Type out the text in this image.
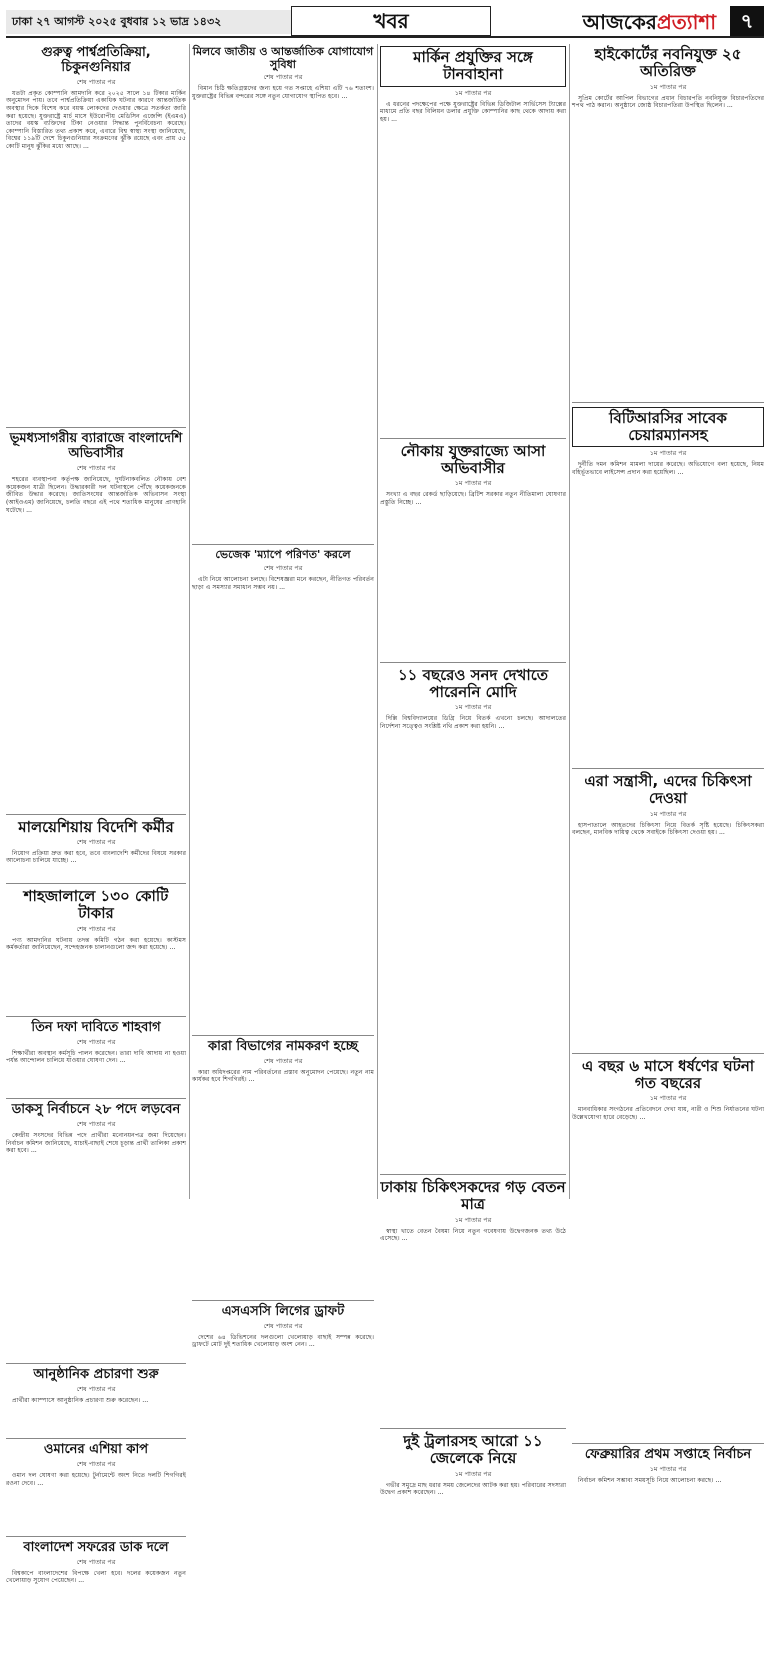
ঢাকা ২৭ আগস্ট ২০২৫ বুধবার ১২ ভাদ্র ১৪৩২	খবর	আজকেরপ্রত্যাশা	৭
গুরুত্ব পার্শ্বপ্রতিক্রিয়া, চিকুনগুনিয়ার
শেষ পাতার পর

যতটা প্রকৃত কোম্পানি আমদানি করে ২০২৫ সালে ১৪ টিকার মার্কিন অনুমোদন পায়। তবে পার্শ্বপ্রতিক্রিয়া একাধিক ঘটনার কারণে আন্তর্জাতিক অবস্থার দিকে বিশেষ করে বয়স্ক লোকদের দেওয়ার ক্ষেত্রে সতর্কতা জারি করা হয়েছে। যুক্তরাষ্ট্রে মার্চ মাসে ইউরোপীয় মেডিসিন এজেন্সি (ইএমএ) তাদের বয়স্ক ব্যক্তিদের টিকা নেওয়ার সিদ্ধান্ত পুনর্বিবেচনা করেছে। কোম্পানি বিস্তারিত তথ্য প্রকাশ করে, এবারে বিশ্ব স্বাস্থ্য সংস্থা জানিয়েছে, বিশ্বের ১১৯টি দেশে চিকুনগুনিয়ার সংক্রমণের ঝুঁকি রয়েছে এবং প্রায় ৫৫ কোটি মানুষ ঝুঁকির মধ্যে আছে। ...

ভূমধ্যসাগরীয় ব্যারাজে বাংলাদেশি অভিবাসীর
শেষ পাতার পর

শহরের ব্যবস্থাপনা কর্তৃপক্ষ জানিয়েছে, দুর্ঘটনাকবলিত নৌকায় বেশ কয়েকজন যাত্রী ছিলেন। উদ্ধারকারী দল ঘটনাস্থলে পৌঁছে কয়েকজনকে জীবিত উদ্ধার করেছে। জাতিসংঘের আন্তর্জাতিক অভিবাসন সংস্থা (আইওএম) জানিয়েছে, চলতি বছরে এই পথে শতাধিক মানুষের প্রাণহানি ঘটেছে। ...

মালয়েশিয়ায় বিদেশি কর্মীর
শেষ পাতার পর

নিয়োগ প্রক্রিয়া দ্রুত করা হবে, তবে বাংলাদেশি কর্মীদের বিষয়ে সরকার আলোচনা চালিয়ে যাচ্ছে। ...

শাহজালালে ১৩০ কোটি টাকার
শেষ পাতার পর

পণ্য আমদানির ঘটনায় তদন্ত কমিটি গঠন করা হয়েছে। কাস্টমস কর্মকর্তারা জানিয়েছেন, সন্দেহজনক চালানগুলো জব্দ করা হয়েছে। ...

তিন দফা দাবিতে শাহবাগ
শেষ পাতার পর

শিক্ষার্থীরা অবস্থান কর্মসূচি পালন করেছেন। তারা দাবি আদায় না হওয়া পর্যন্ত আন্দোলন চালিয়ে যাওয়ার ঘোষণা দেন। ...

ডাকসু নির্বাচনে ২৮ পদে লড়বেন
শেষ পাতার পর

কেন্দ্রীয় সংসদের বিভিন্ন পদে প্রার্থীরা মনোনয়নপত্র জমা দিয়েছেন। নির্বাচন কমিশন জানিয়েছে, যাচাই-বাছাই শেষে চূড়ান্ত প্রার্থী তালিকা প্রকাশ করা হবে। ...

আনুষ্ঠানিক প্রচারণা শুরু
শেষ পাতার পর

প্রার্থীরা ক্যাম্পাসে আনুষ্ঠানিক প্রচারণা শুরু করেছেন। ...

ওমানের এশিয়া কাপ
শেষ পাতার পর

ওমান দল ঘোষণা করা হয়েছে। টুর্নামেন্টে অংশ নিতে দলটি শিগগিরই রওনা দেবে। ...

বাংলাদেশ সফরের ডাক দলে
শেষ পাতার পর

বিশ্বকাপে বাংলাদেশের বিপক্ষে খেলা হবে। দলের কয়েকজন নতুন খেলোয়াড় সুযোগ পেয়েছেন। ...

মিলবে জাতীয় ও আন্তর্জাতিক যোগাযোগ সুবিধা
শেষ পাতার পর

বিমান চিঠি ক্ষতিগ্রস্তদের জন্য হয়ে গত সপ্তাহে এশিয়া এটি ৭৬ শতাংশ। যুক্তরাষ্ট্রের বিভিন্ন বন্দরের সঙ্গে নতুন যোগাযোগ স্থাপিত হবে। ...

ভেজেক 'ম্যাপে পরিণত' করলে
শেষ পাতার পর

এটা নিয়ে আলোচনা চলছে। বিশেষজ্ঞরা মনে করছেন, নীতিগত পরিবর্তন ছাড়া এ সমস্যার সমাধান সম্ভব নয়। ...

কারা বিভাগের নামকরণ হচ্ছে
শেষ পাতার পর

কারা অধিদপ্তরের নাম পরিবর্তনের প্রস্তাব অনুমোদন পেয়েছে। নতুন নাম কার্যকর হবে শিগগিরই। ...

এসএসসি লিগের ড্রাফট
শেষ পাতার পর

দেশের ৬৪ ডিভিশনের দলগুলো খেলোয়াড় বাছাই সম্পন্ন করেছে। ড্রাফটে মোট দুই শতাধিক খেলোয়াড় অংশ নেন। ...

মার্কিন প্রযুক্তির সঙ্গে টানবাহানা
১ম পাতার পর

এ ধরনের পদক্ষেপের পক্ষে যুক্তরাষ্ট্রের বিভিন্ন ডিজিটাল সার্ভিসেস ট্যাক্সের মাধ্যমে প্রতি বছর বিলিয়ন ডলার প্রযুক্তি কোম্পানির কাছ থেকে আদায় করা হয়। ...

নৌকায় যুক্তরাজ্যে আসা অভিবাসীর
১ম পাতার পর

সংখ্যা এ বছর রেকর্ড ছাড়িয়েছে। ব্রিটিশ সরকার নতুন নীতিমালা ঘোষণার প্রস্তুতি নিচ্ছে। ...

১১ বছরেও সনদ দেখাতে পারেননি মোদি
১ম পাতার পর

দিল্লি বিশ্ববিদ্যালয়ের ডিগ্রি নিয়ে বিতর্ক এখনো চলছে। আদালতের নির্দেশনা সত্ত্বেও সংশ্লিষ্ট নথি প্রকাশ করা হয়নি। ...

ঢাকায় চিকিৎসকদের গড় বেতন মাত্র
১ম পাতার পর

স্বাস্থ্য খাতে বেতন বৈষম্য নিয়ে নতুন গবেষণায় উদ্বেগজনক তথ্য উঠে এসেছে। ...

দুই ট্রলারসহ আরো ১১ জেলেকে নিয়ে
১ম পাতার পর

গভীর সমুদ্রে মাছ ধরার সময় জেলেদের আটক করা হয়। পরিবারের সদস্যরা উদ্বেগ প্রকাশ করেছেন। ...

হাইকোর্টের নবনিযুক্ত ২৫ অতিরিক্ত
১ম পাতার পর

সুপ্রিম কোর্টের আপিল বিভাগের প্রধান বিচারপতি নবনিযুক্ত বিচারপতিদের শপথ পাঠ করান। অনুষ্ঠানে জ্যেষ্ঠ বিচারপতিরা উপস্থিত ছিলেন। ...

বিটিআরসির সাবেক চেয়ারম্যানসহ
১ম পাতার পর

দুর্নীতি দমন কমিশন মামলা দায়ের করেছে। অভিযোগে বলা হয়েছে, নিয়ম বহির্ভূতভাবে লাইসেন্স প্রদান করা হয়েছিল। ...

এরা সন্ত্রাসী, এদের চিকিৎসা দেওয়া
১ম পাতার পর

হাসপাতালে আহতদের চিকিৎসা নিয়ে বিতর্ক সৃষ্টি হয়েছে। চিকিৎসকরা বলছেন, মানবিক দায়িত্ব থেকে সবাইকে চিকিৎসা দেওয়া হয়। ...

এ বছর ৬ মাসে ধর্ষণের ঘটনা গত বছরের
১ম পাতার পর

মানবাধিকার সংগঠনের প্রতিবেদনে দেখা যায়, নারী ও শিশু নির্যাতনের ঘটনা উল্লেখযোগ্য হারে বেড়েছে। ...

ফেব্রুয়ারির প্রথম সপ্তাহে নির্বাচন
১ম পাতার পর

নির্বাচন কমিশন সম্ভাব্য সময়সূচি নিয়ে আলোচনা করছে। ...
